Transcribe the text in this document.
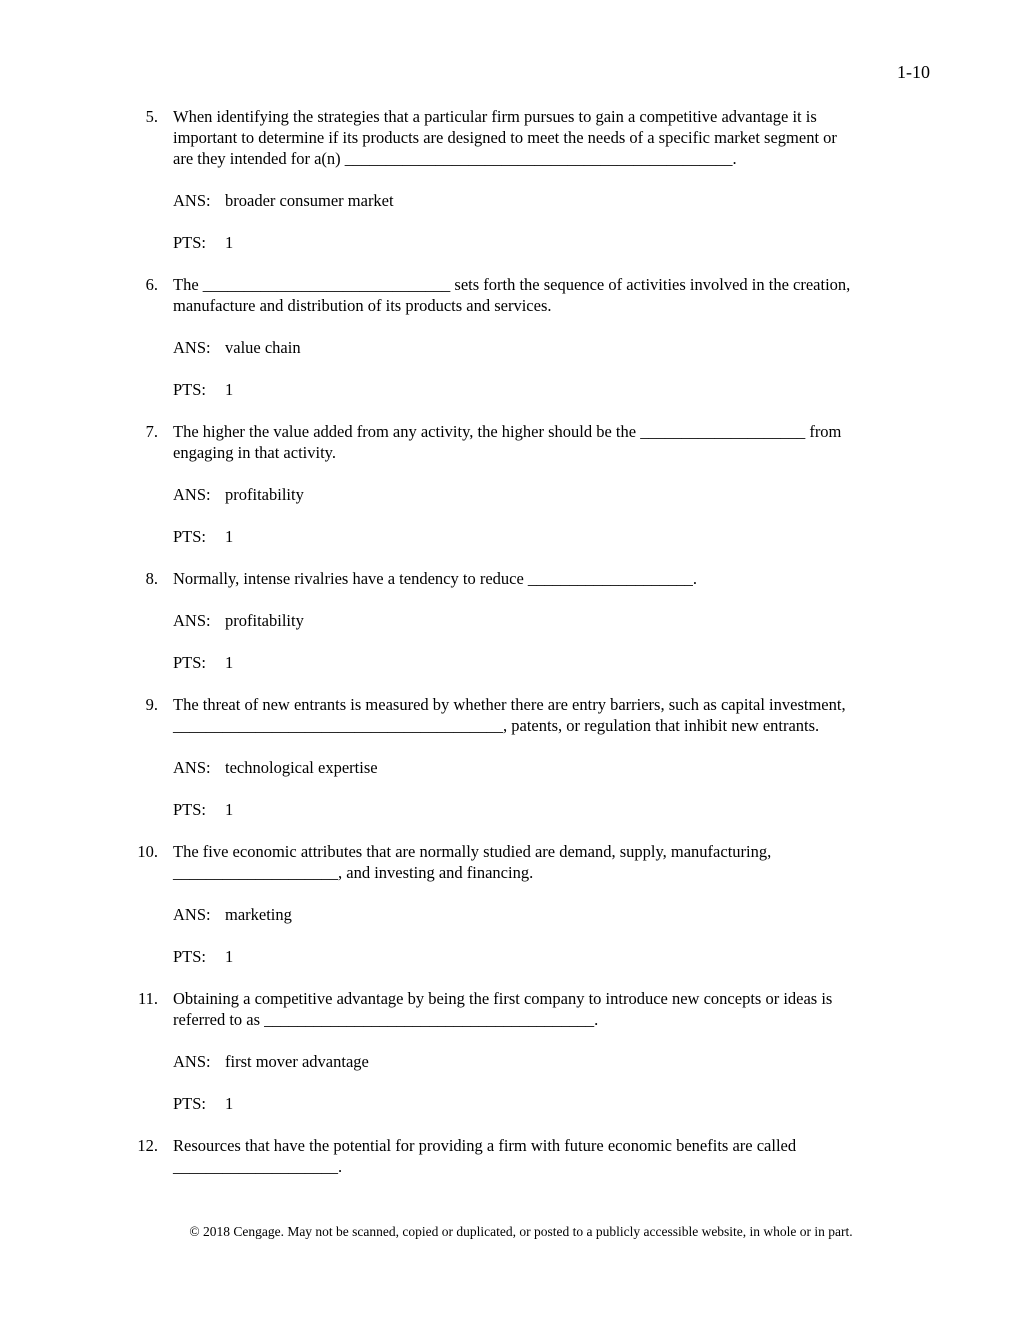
1-10
5. When identifying the strategies that a particular firm pursues to gain a competitive advantage it is
important to determine if its products are designed to meet the needs of a specific market segment or
are they intended for a(n) _______________________________________________.
ANS: broader consumer market
PTS: 1
6. The ______________________________ sets forth the sequence of activities involved in the creation,
manufacture and distribution of its products and services.
ANS: value chain
PTS: 1
7. The higher the value added from any activity, the higher should be the ____________________ from
engaging in that activity.
ANS: profitability
PTS: 1
8. Normally, intense rivalries have a tendency to reduce ____________________.
ANS: profitability
PTS: 1
9. The threat of new entrants is measured by whether there are entry barriers, such as capital investment,
________________________________________, patents, or regulation that inhibit new entrants.
ANS: technological expertise
PTS: 1
10. The five economic attributes that are normally studied are demand, supply, manufacturing,
____________________, and investing and financing.
ANS: marketing
PTS: 1
11. Obtaining a competitive advantage by being the first company to introduce new concepts or ideas is
referred to as ________________________________________.
ANS: first mover advantage
PTS: 1
12. Resources that have the potential for providing a firm with future economic benefits are called
____________________.
© 2018 Cengage. May not be scanned, copied or duplicated, or posted to a publicly accessible website, in whole or in part.
